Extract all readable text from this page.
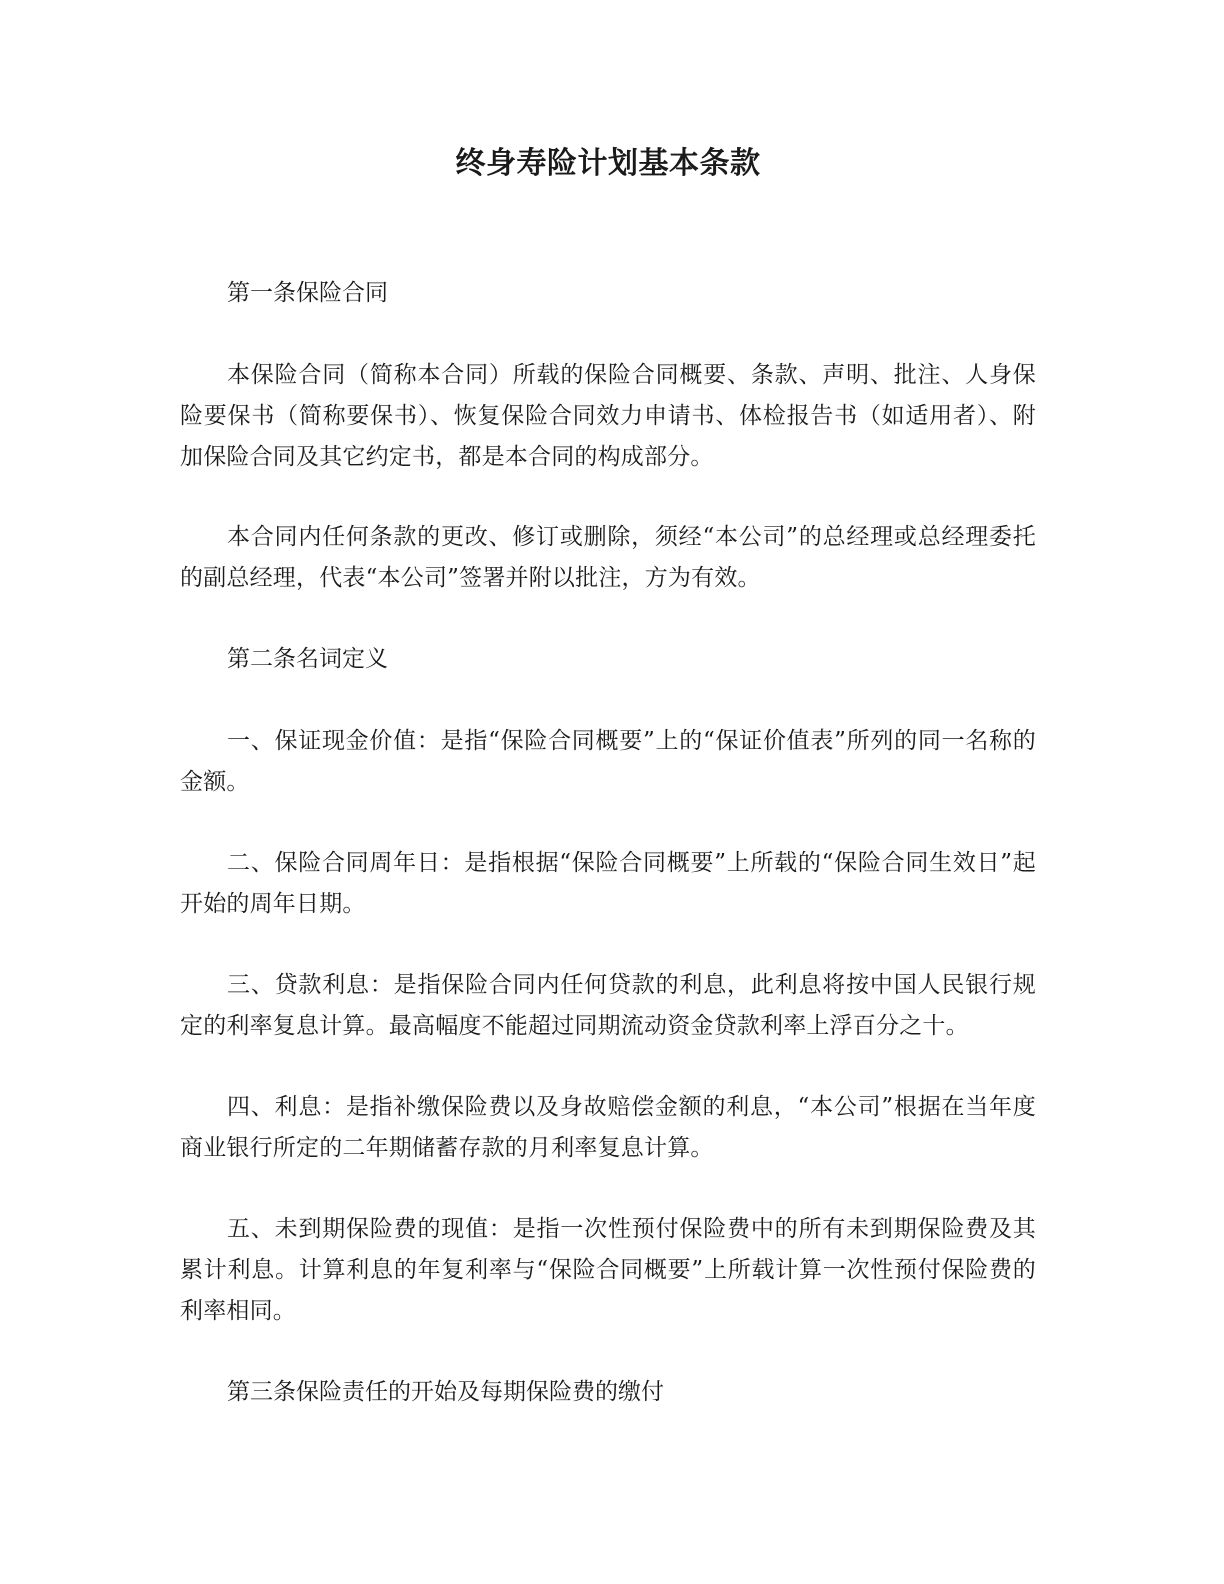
终身寿险计划基本条款

第一条保险合同

本保险合同（简称本合同）所载的保险合同概要、条款、声明、批注、人身保险要保书（简称要保书）、恢复保险合同效力申请书、体检报告书（如适用者）、附加保险合同及其它约定书，都是本合同的构成部分。

本合同内任何条款的更改、修订或删除，须经“本公司”的总经理或总经理委托的副总经理，代表“本公司”签署并附以批注，方为有效。

第二条名词定义

一、保证现金价值：是指“保险合同概要”上的“保证价值表”所列的同一名称的金额。

二、保险合同周年日：是指根据“保险合同概要”上所载的“保险合同生效日”起开始的周年日期。

三、贷款利息：是指保险合同内任何贷款的利息，此利息将按中国人民银行规定的利率复息计算。最高幅度不能超过同期流动资金贷款利率上浮百分之十。

四、利息：是指补缴保险费以及身故赔偿金额的利息，“本公司”根据在当年度商业银行所定的二年期储蓄存款的月利率复息计算。

五、未到期保险费的现值：是指一次性预付保险费中的所有未到期保险费及其累计利息。计算利息的年复利率与“保险合同概要”上所载计算一次性预付保险费的利率相同。

第三条保险责任的开始及每期保险费的缴付
